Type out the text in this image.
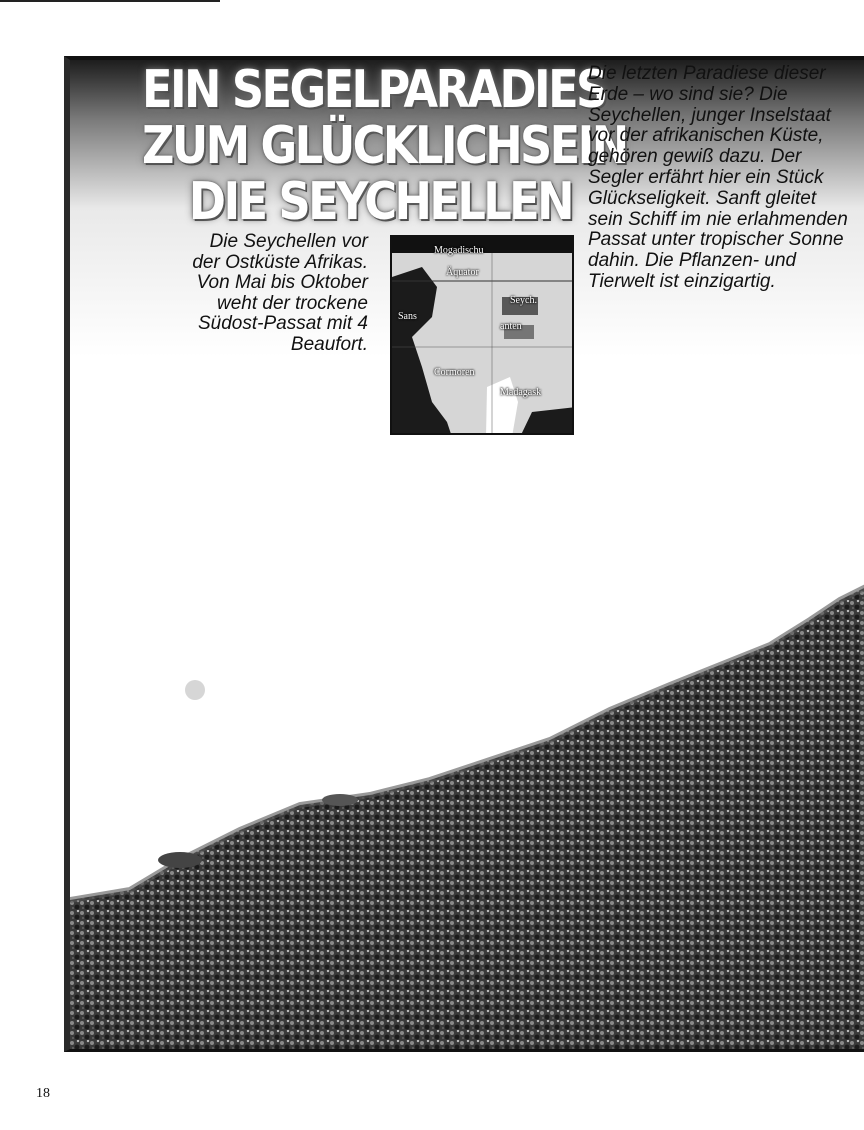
EIN SEGELPARADIES
ZUM GLÜCKLICHSEIN
DIE SEYCHELLEN
Die Seychellen vor der Ostküste Afrikas. Von Mai bis Oktober weht der trockene Südost-Passat mit 4 Beaufort.
Mogadischu
Äquator
Sans
Seych.
anten
Cormoren
Madagask
Die letzten Paradiese dieser Erde – wo sind sie? Die Seychellen, junger Inselstaat vor der afrikanischen Küste, gehören gewiß dazu. Der Segler erfährt hier ein Stück Glückseligkeit. Sanft gleitet sein Schiff im nie erlahmenden Passat unter tropischer Sonne dahin. Die Pflanzen- und Tierwelt ist einzigartig.
18
